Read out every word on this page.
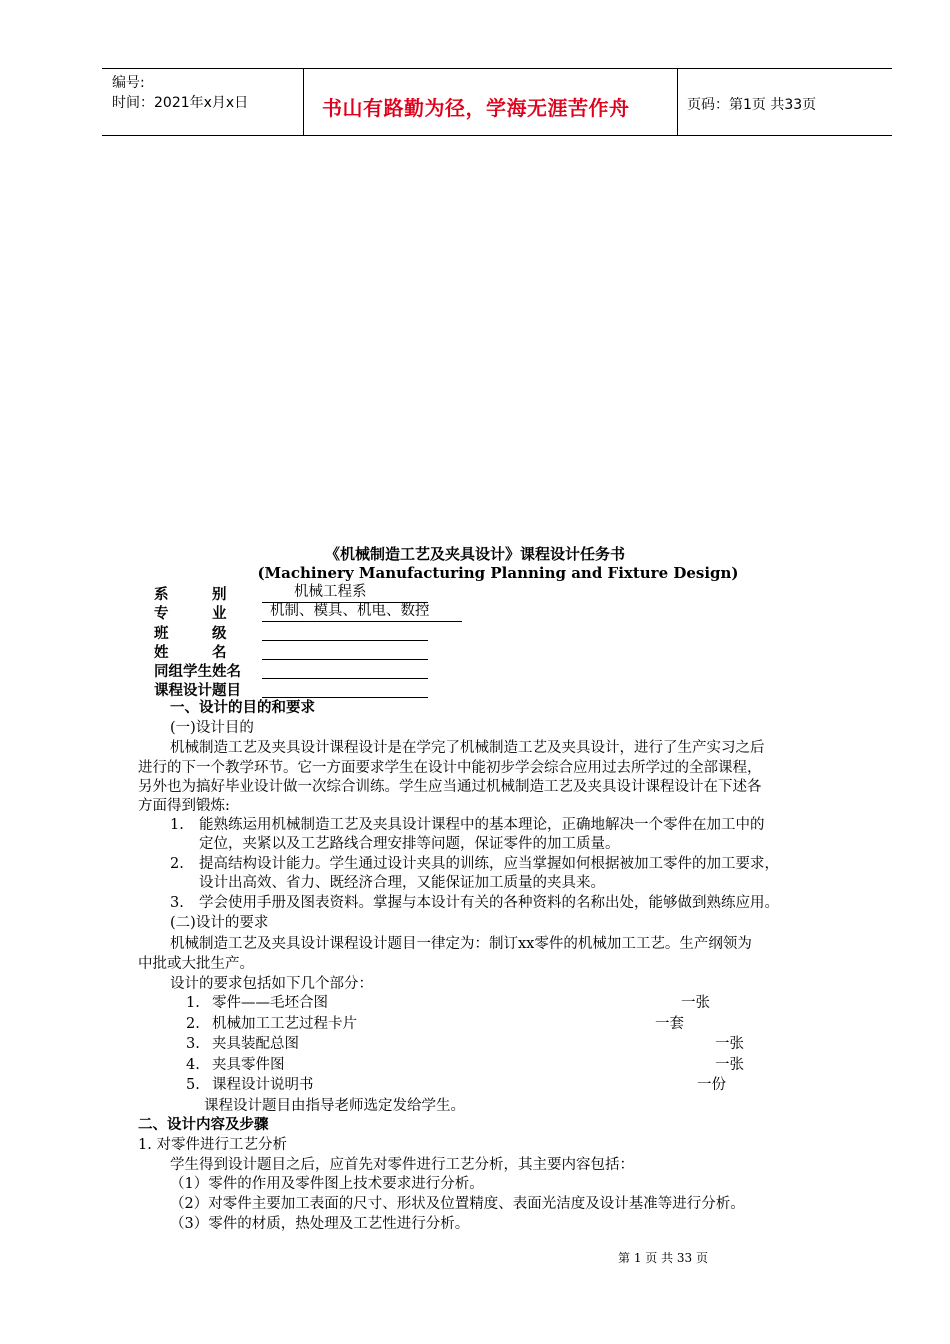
编号:
时间：2021年x月x日	书山有路勤为径，学海无涯苦作舟	页码：第1页 共33页
《机械制造工艺及夹具设计》课程设计任务书
(Machinery Manufacturing Planning and Fixture Design)
系　　　别	机械工程系
专　　　业	机制、模具、机电、数控
班　　　级
姓　　　名
同组学生姓名
课程设计题目
一、设计的目的和要求
(一)设计目的
机械制造工艺及夹具设计课程设计是在学完了机械制造工艺及夹具设计，进行了生产实习之后
进行的下一个教学环节。它一方面要求学生在设计中能初步学会综合应用过去所学过的全部课程，
另外也为搞好毕业设计做一次综合训练。学生应当通过机械制造工艺及夹具设计课程设计在下述各
方面得到锻炼:
1. 能熟练运用机械制造工艺及夹具设计课程中的基本理论，正确地解决一个零件在加工中的
定位，夹紧以及工艺路线合理安排等问题，保证零件的加工质量。
2. 提高结构设计能力。学生通过设计夹具的训练，应当掌握如何根据被加工零件的加工要求，
设计出高效、省力、既经济合理，又能保证加工质量的夹具来。
3. 学会使用手册及图表资料。掌握与本设计有关的各种资料的名称出处，能够做到熟练应用。
(二)设计的要求
机械制造工艺及夹具设计课程设计题目一律定为：制订xx零件的机械加工工艺。生产纲领为
中批或大批生产。
设计的要求包括如下几个部分：
1. 零件——毛坯合图	一张
2. 机械加工工艺过程卡片	一套
3. 夹具装配总图	一张
4. 夹具零件图	一张
5. 课程设计说明书	一份
课程设计题目由指导老师选定发给学生。
二、设计内容及步骤
1. 对零件进行工艺分析
学生得到设计题目之后，应首先对零件进行工艺分析，其主要内容包括：
（1）零件的作用及零件图上技术要求进行分析。
（2）对零件主要加工表面的尺寸、形状及位置精度、表面光洁度及设计基准等进行分析。
（3）零件的材质，热处理及工艺性进行分析。
第 1 页 共 33 页
